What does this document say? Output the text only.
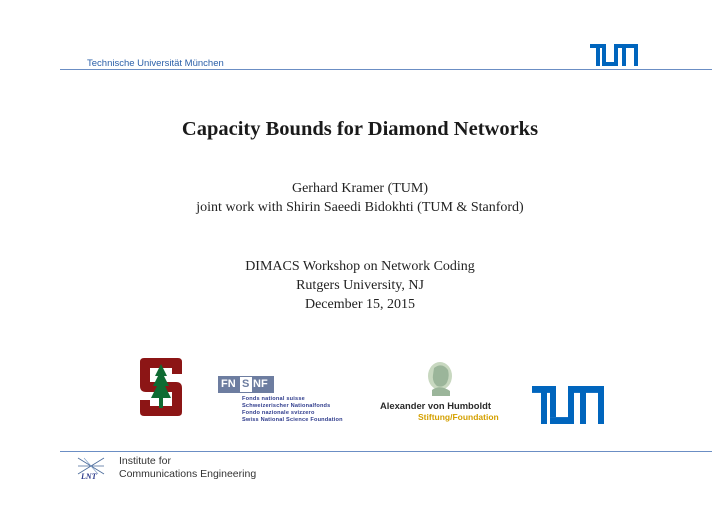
Technische Universität München
Capacity Bounds for Diamond Networks
Gerhard Kramer (TUM)
joint work with Shirin Saeedi Bidokhti (TUM & Stanford)
DIMACS Workshop on Network Coding
Rutgers University, NJ
December 15, 2015
FN S NF
Fonds national suisse
Schweizerischer Nationalfonds
Fondo nazionale svizzero
Swiss National Science Foundation
Alexander von Humboldt
Stiftung/Foundation
LNT
Institute for
Communications Engineering
